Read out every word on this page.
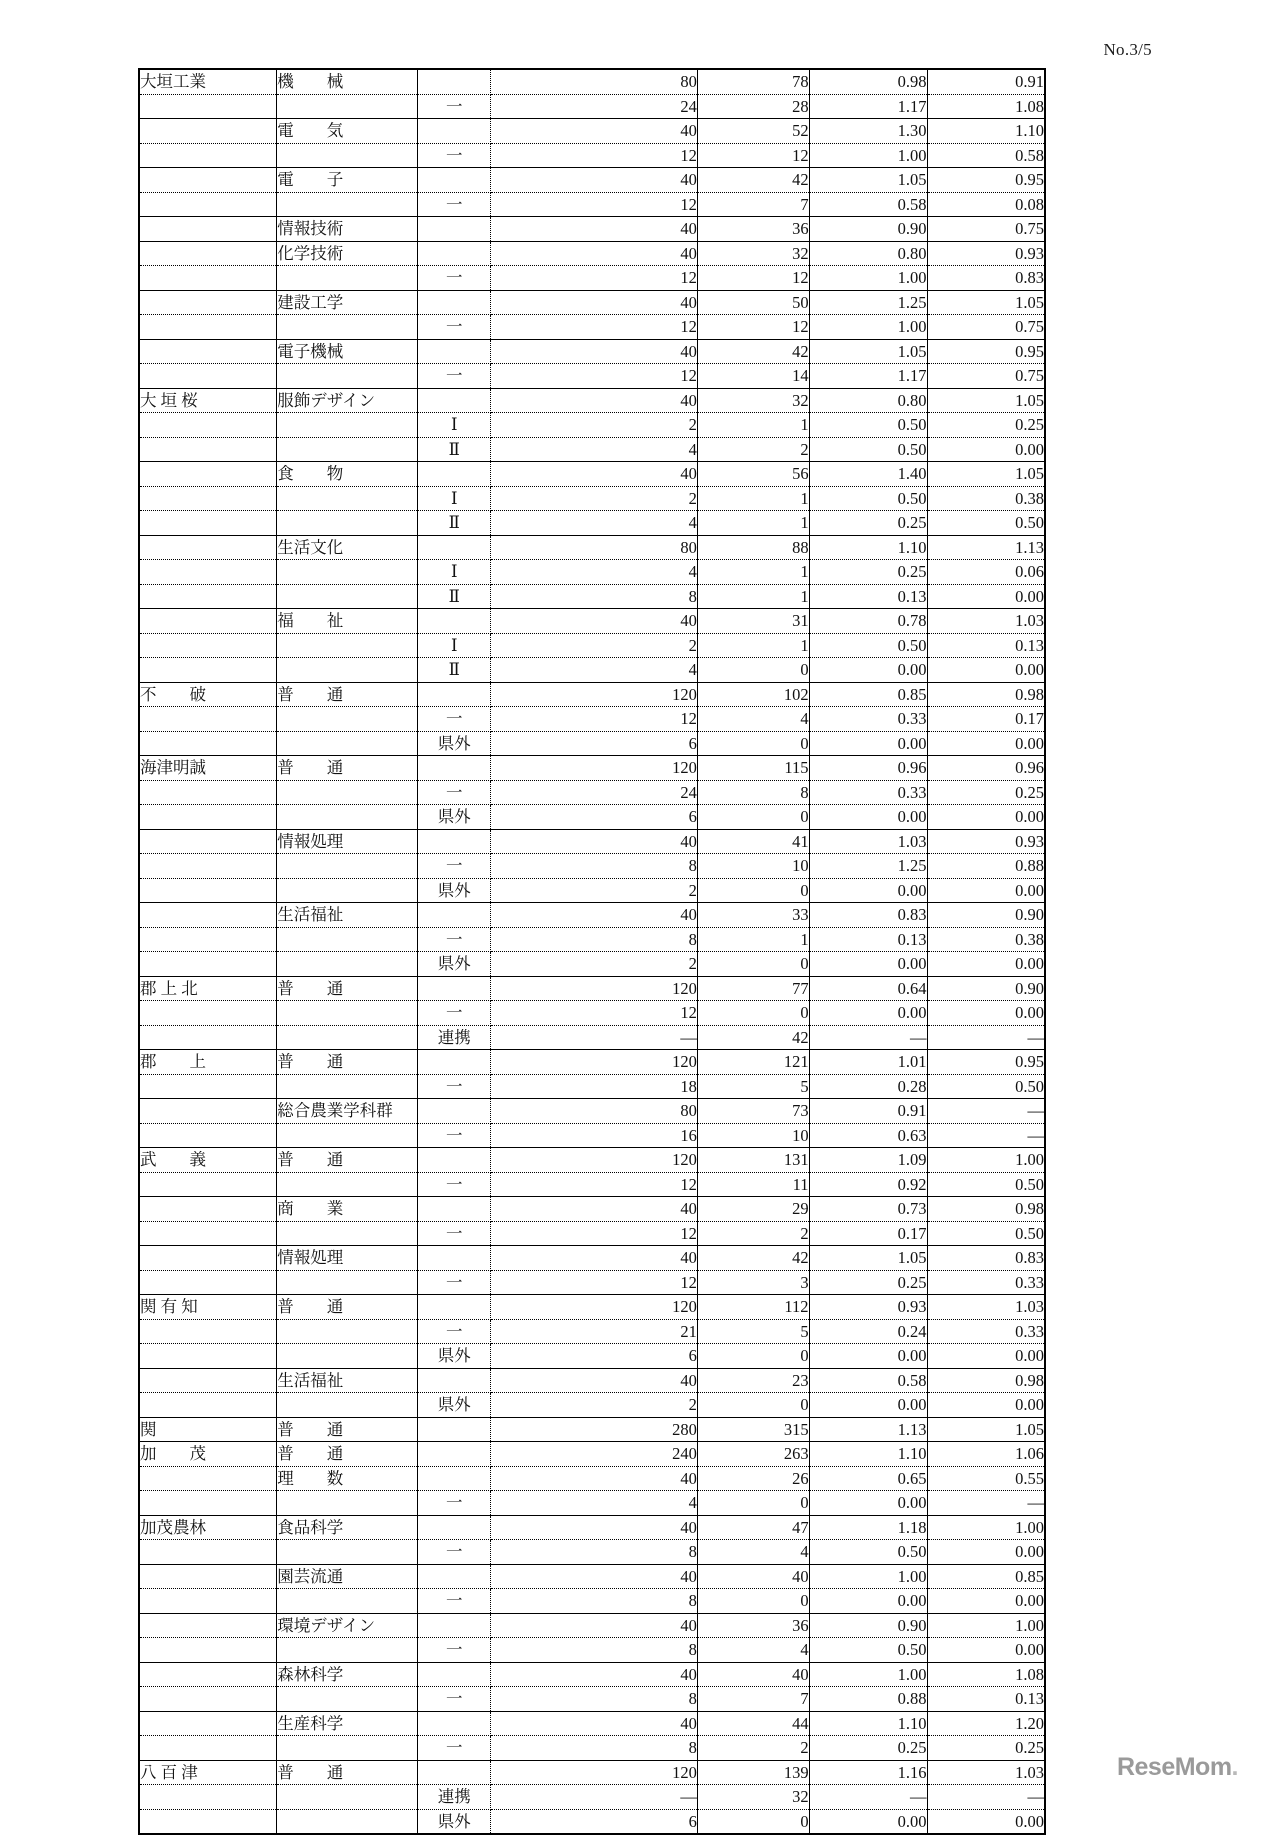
No.3/5
大垣工業	機　　械		80	78	0.98	0.91
		一	24	28	1.17	1.08
	電　　気		40	52	1.30	1.10
		一	12	12	1.00	0.58
	電　　子		40	42	1.05	0.95
		一	12	7	0.58	0.08
	情報技術		40	36	0.90	0.75
	化学技術		40	32	0.80	0.93
		一	12	12	1.00	0.83
	建設工学		40	50	1.25	1.05
		一	12	12	1.00	0.75
	電子機械		40	42	1.05	0.95
		一	12	14	1.17	0.75
大 垣 桜	服飾デザイン		40	32	0.80	1.05
		Ⅰ	2	1	0.50	0.25
		Ⅱ	4	2	0.50	0.00
	食　　物		40	56	1.40	1.05
		Ⅰ	2	1	0.50	0.38
		Ⅱ	4	1	0.25	0.50
	生活文化		80	88	1.10	1.13
		Ⅰ	4	1	0.25	0.06
		Ⅱ	8	1	0.13	0.00
	福　　祉		40	31	0.78	1.03
		Ⅰ	2	1	0.50	0.13
		Ⅱ	4	0	0.00	0.00
不　　破	普　　通		120	102	0.85	0.98
		一	12	4	0.33	0.17
		県外	6	0	0.00	0.00
海津明誠	普　　通		120	115	0.96	0.96
		一	24	8	0.33	0.25
		県外	6	0	0.00	0.00
	情報処理		40	41	1.03	0.93
		一	8	10	1.25	0.88
		県外	2	0	0.00	0.00
	生活福祉		40	33	0.83	0.90
		一	8	1	0.13	0.38
		県外	2	0	0.00	0.00
郡 上 北	普　　通		120	77	0.64	0.90
		一	12	0	0.00	0.00
		連携	—	42	—	—
郡　　上	普　　通		120	121	1.01	0.95
		一	18	5	0.28	0.50
	総合農業学科群		80	73	0.91	—
		一	16	10	0.63	—
武　　義	普　　通		120	131	1.09	1.00
		一	12	11	0.92	0.50
	商　　業		40	29	0.73	0.98
		一	12	2	0.17	0.50
	情報処理		40	42	1.05	0.83
		一	12	3	0.25	0.33
関 有 知	普　　通		120	112	0.93	1.03
		一	21	5	0.24	0.33
		県外	6	0	0.00	0.00
	生活福祉		40	23	0.58	0.98
		県外	2	0	0.00	0.00
関	普　　通		280	315	1.13	1.05
加　　茂	普　　通		240	263	1.10	1.06
	理　　数		40	26	0.65	0.55
		一	4	0	0.00	—
加茂農林	食品科学		40	47	1.18	1.00
		一	8	4	0.50	0.00
	園芸流通		40	40	1.00	0.85
		一	8	0	0.00	0.00
	環境デザイン		40	36	0.90	1.00
		一	8	4	0.50	0.00
	森林科学		40	40	1.00	1.08
		一	8	7	0.88	0.13
	生産科学		40	44	1.10	1.20
		一	8	2	0.25	0.25
八 百 津	普　　通		120	139	1.16	1.03
		連携	—	32	—	—
		県外	6	0	0.00	0.00
ReseMom.
